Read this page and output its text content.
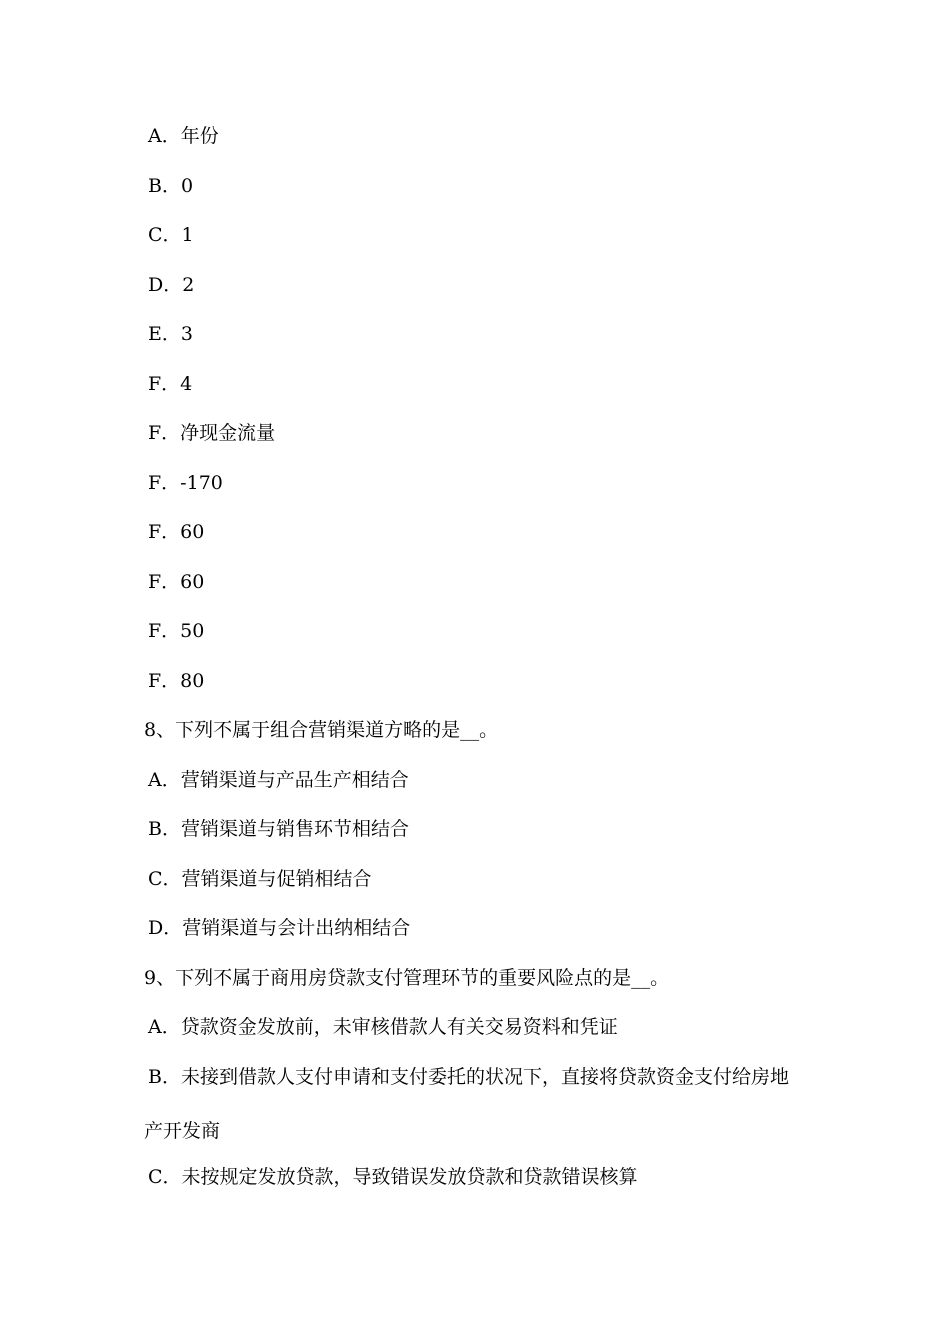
A．年份
B．0
C．1
D．2
E．3
F．4
F．净现金流量
F．-170
F．60
F．60
F．50
F．80
8、下列不属于组合营销渠道方略的是__。
A．营销渠道与产品生产相结合
B．营销渠道与销售环节相结合
C．营销渠道与促销相结合
D．营销渠道与会计出纳相结合
9、下列不属于商用房贷款支付管理环节的重要风险点的是__。
A．贷款资金发放前，未审核借款人有关交易资料和凭证
B．未接到借款人支付申请和支付委托的状况下，直接将贷款资金支付给房地
产开发商
C．未按规定发放贷款，导致错误发放贷款和贷款错误核算
